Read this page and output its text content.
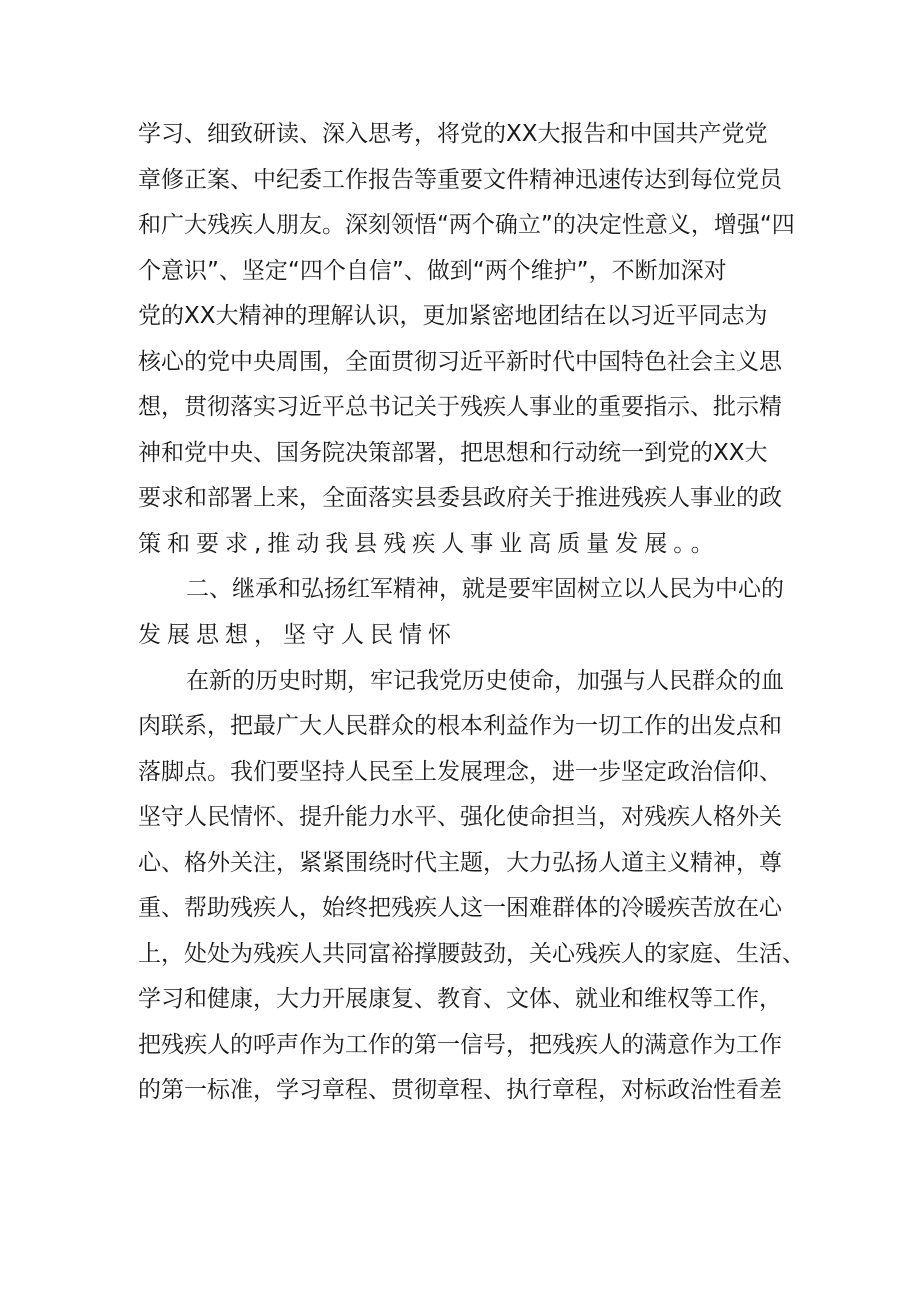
学习、细致研读、深入思考，将党的XX大报告和中国共产党党
章修正案、中纪委工作报告等重要文件精神迅速传达到每位党员
和广大残疾人朋友。深刻领悟“两个确立”的决定性意义，增强“四
个意识”、坚定“四个自信”、做到“两个维护”，不断加深对
党的XX大精神的理解认识，更加紧密地团结在以习近平同志为
核心的党中央周围，全面贯彻习近平新时代中国特色社会主义思
想，贯彻落实习近平总书记关于残疾人事业的重要指示、批示精
神和党中央、国务院决策部署，把思想和行动统一到党的XX大
要求和部署上来，全面落实县委县政府关于推进残疾人事业的政
策和要求,推动我县残疾人事业高质量发展。。
二、继承和弘扬红军精神，就是要牢固树立以人民为中心的
发展思想，坚守人民情怀
在新的历史时期，牢记我党历史使命，加强与人民群众的血
肉联系，把最广大人民群众的根本利益作为一切工作的出发点和
落脚点。我们要坚持人民至上发展理念，进一步坚定政治信仰、
坚守人民情怀、提升能力水平、强化使命担当，对残疾人格外关
心、格外关注，紧紧围绕时代主题，大力弘扬人道主义精神，尊
重、帮助残疾人，始终把残疾人这一困难群体的冷暖疾苦放在心
上，处处为残疾人共同富裕撑腰鼓劲，关心残疾人的家庭、生活、
学习和健康，大力开展康复、教育、文体、就业和维权等工作，
把残疾人的呼声作为工作的第一信号，把残疾人的满意作为工作
的第一标准，学习章程、贯彻章程、执行章程，对标政治性看差
